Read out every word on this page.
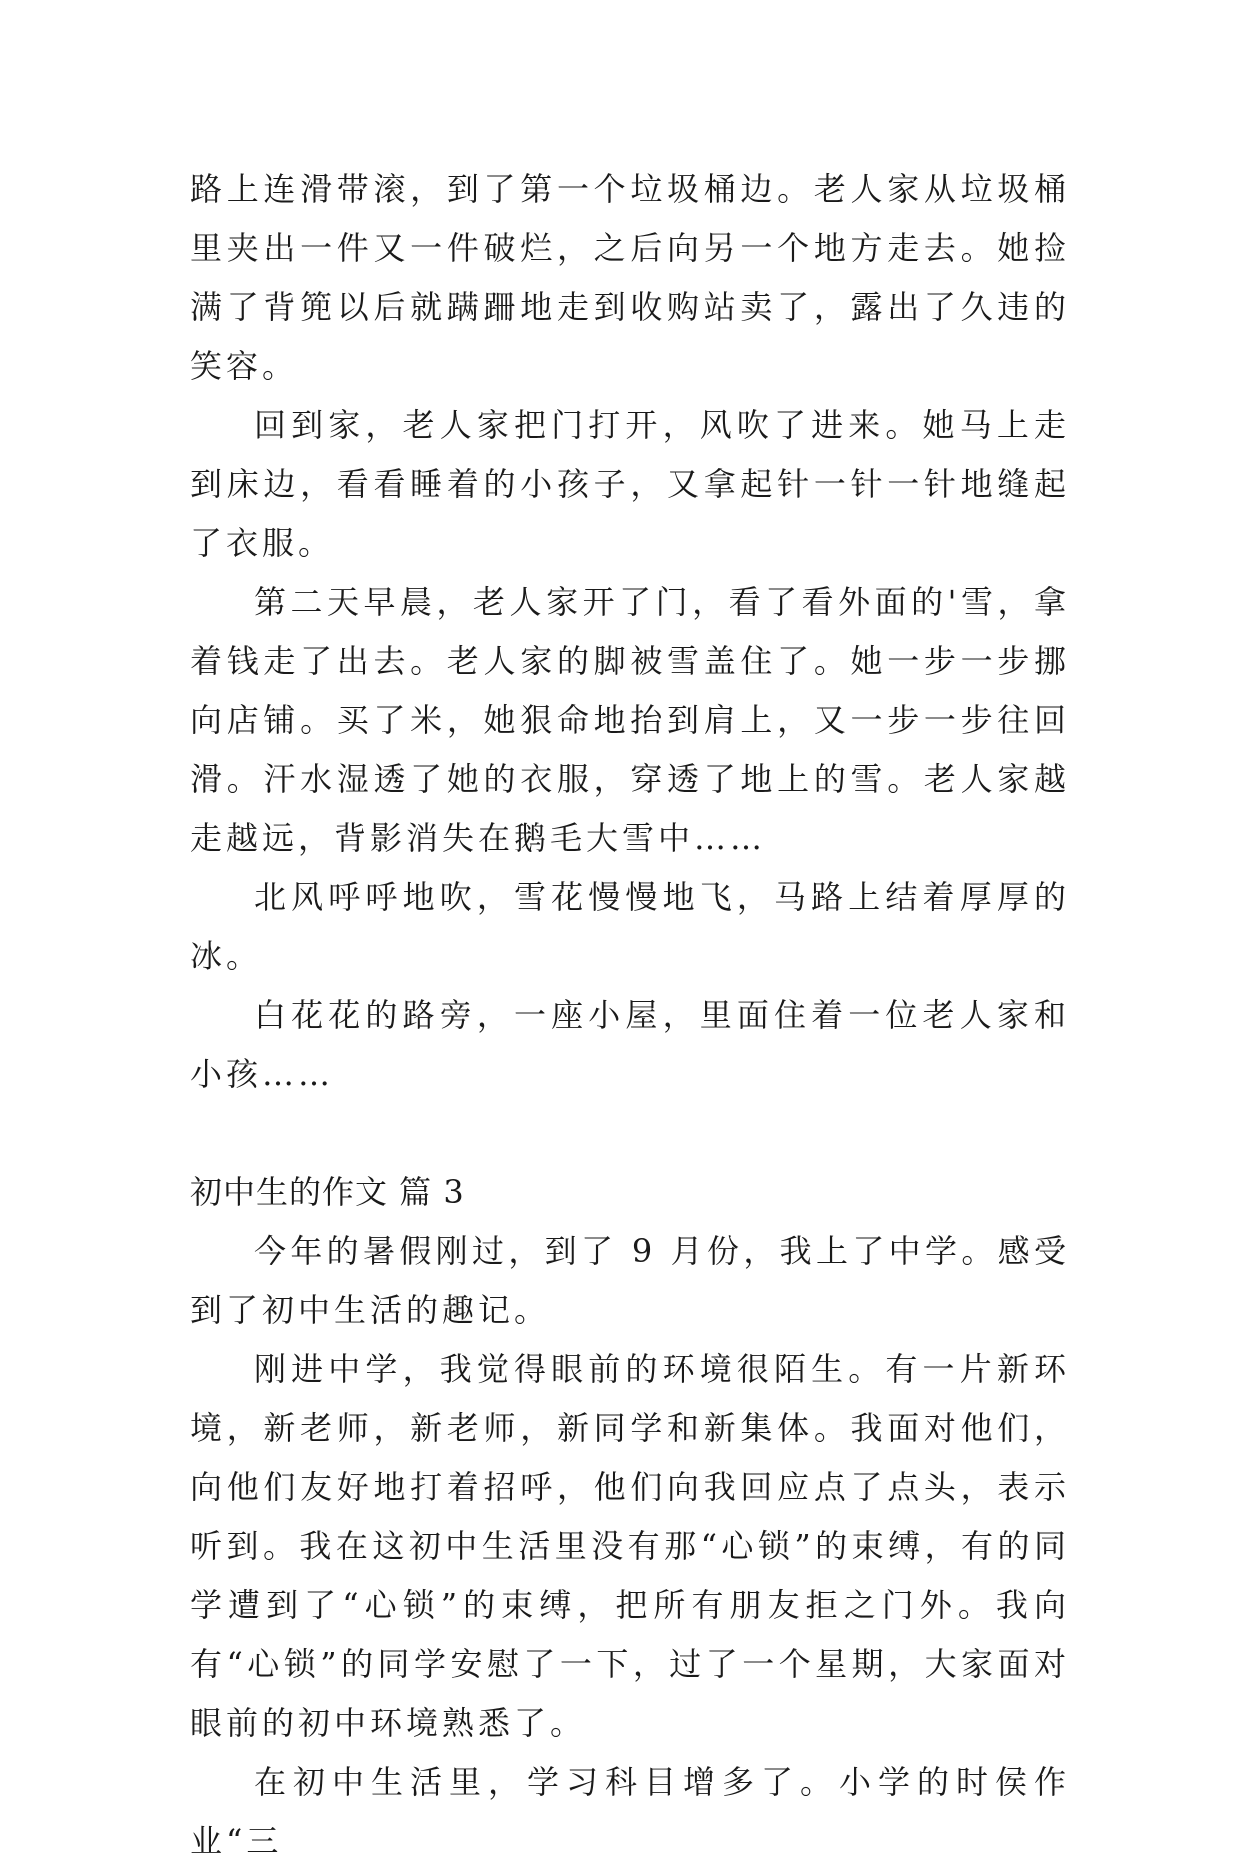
路上连滑带滚，到了第一个垃圾桶边。老人家从垃圾桶里夹出一件又一件破烂，之后向另一个地方走去。她捡满了背篼以后就蹒跚地走到收购站卖了，露出了久违的笑容。

回到家，老人家把门打开，风吹了进来。她马上走到床边，看看睡着的小孩子，又拿起针一针一针地缝起了衣服。

第二天早晨，老人家开了门，看了看外面的'雪，拿着钱走了出去。老人家的脚被雪盖住了。她一步一步挪向店铺。买了米，她狠命地抬到肩上，又一步一步往回滑。汗水湿透了她的衣服，穿透了地上的雪。老人家越走越远，背影消失在鹅毛大雪中……

北风呼呼地吹，雪花慢慢地飞，马路上结着厚厚的冰。

白花花的路旁，一座小屋，里面住着一位老人家和小孩……

初中生的作文 篇 3

今年的暑假刚过，到了 9 月份，我上了中学。感受到了初中生活的趣记。

刚进中学，我觉得眼前的环境很陌生。有一片新环境，新老师，新老师，新同学和新集体。我面对他们，向他们友好地打着招呼，他们向我回应点了点头，表示听到。我在这初中生活里没有那“心锁”的束缚，有的同学遭到了“心锁”的束缚，把所有朋友拒之门外。我向有“心锁”的同学安慰了一下，过了一个星期，大家面对眼前的初中环境熟悉了。

在初中生活里，学习科目增多了。小学的时侯作业“三
